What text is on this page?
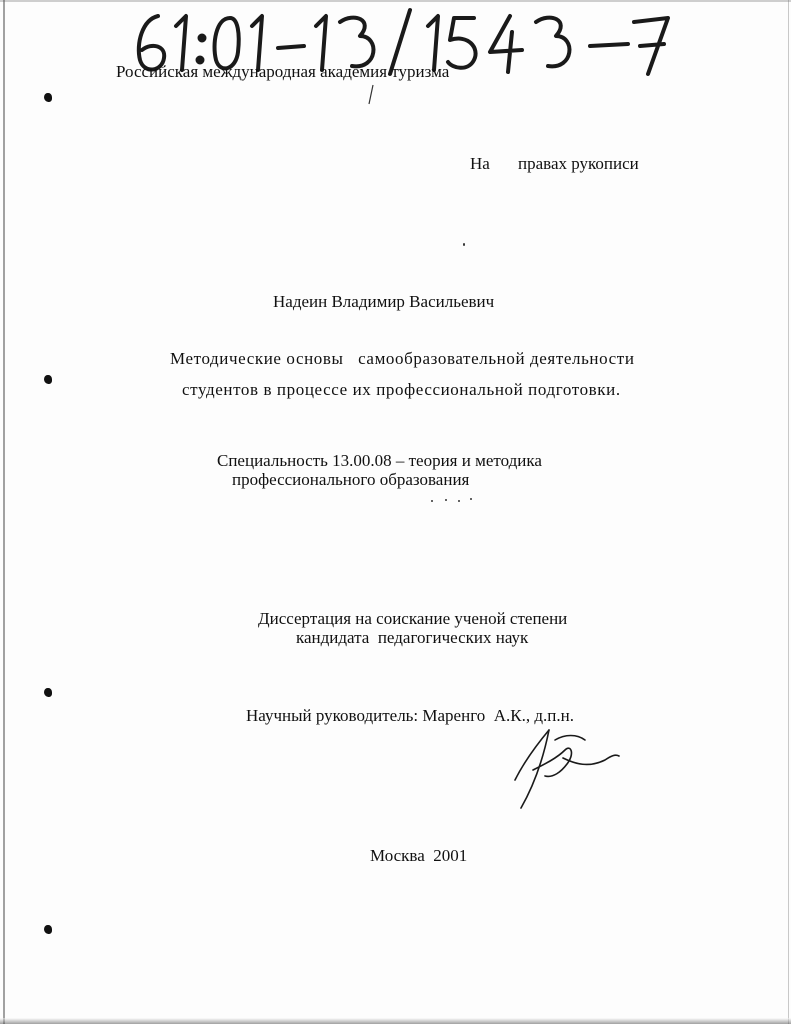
Российская международная академия туризма
На правах рукописи
Надеин Владимир Васильевич
Методические основы   самообразовательной деятельности
студентов в процессе их профессиональной подготовки.
Специальность 13.00.08 – теория и методика
профессионального образования
Диссертация на соискание ученой степени
кандидата  педагогических наук
Научный руководитель: Маренго  А.К., д.п.н.
Москва  2001
